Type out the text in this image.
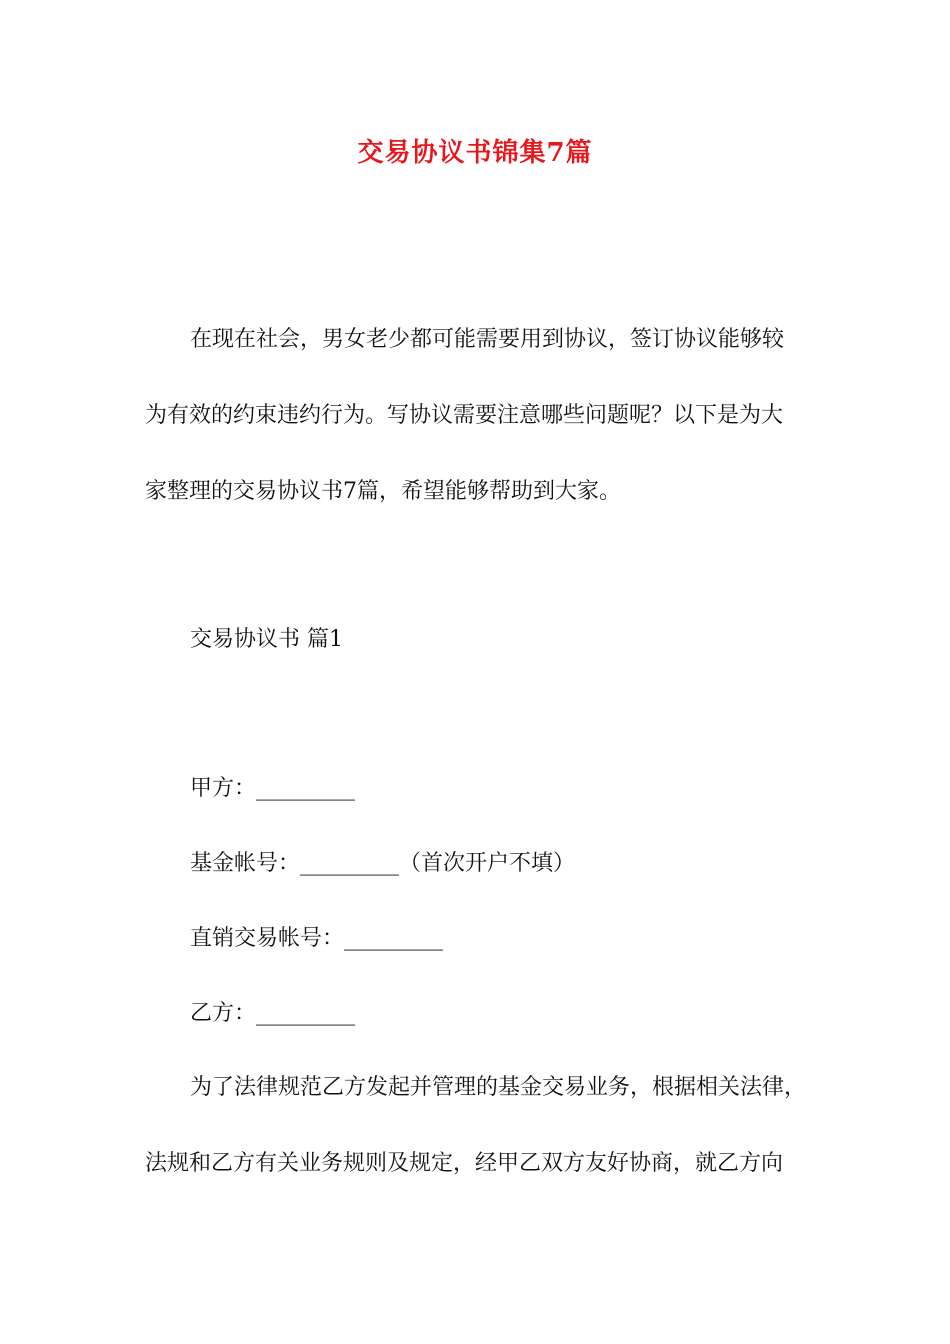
交易协议书锦集7篇
在现在社会，男女老少都可能需要用到协议，签订协议能够较
为有效的约束违约行为。写协议需要注意哪些问题呢？以下是为大
家整理的交易协议书7篇，希望能够帮助到大家。
交易协议书 篇1
甲方：_________
基金帐号：_________（首次开户不填）
直销交易帐号：_________
乙方：_________
为了法律规范乙方发起并管理的基金交易业务，根据相关法律，
法规和乙方有关业务规则及规定，经甲乙双方友好协商，就乙方向
